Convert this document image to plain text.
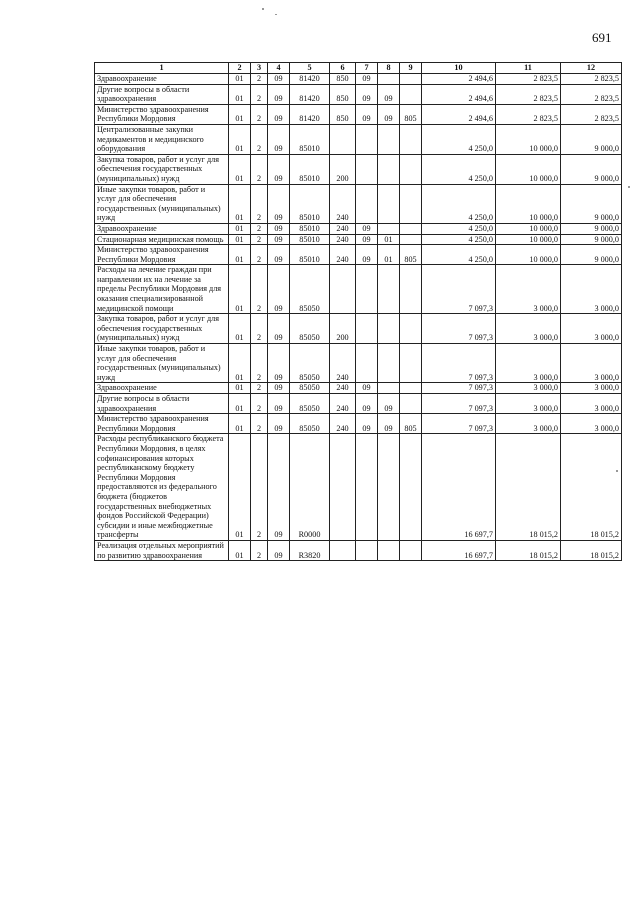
691
1	2	3	4	5	6	7	8	9	10	11	12
Здравоохранение	01	2	09	81420	850	09			2 494,6	2 823,5	2 823,5
Другие вопросы в области здравоохранения	01	2	09	81420	850	09	09		2 494,6	2 823,5	2 823,5
Министерство здравоохранения Республики Мордовия	01	2	09	81420	850	09	09	805	2 494,6	2 823,5	2 823,5
Централизованные закупки медикаментов и медицинского оборудования	01	2	09	85010					4 250,0	10 000,0	9 000,0
Закупка товаров, работ и услуг для обеспечения государственных (муниципальных) нужд	01	2	09	85010	200				4 250,0	10 000,0	9 000,0
Иные закупки товаров, работ и услуг для обеспечения государственных (муниципальных) нужд	01	2	09	85010	240				4 250,0	10 000,0	9 000,0
Здравоохранение	01	2	09	85010	240	09			4 250,0	10 000,0	9 000,0
Стационарная медицинская помощь	01	2	09	85010	240	09	01		4 250,0	10 000,0	9 000,0
Министерство здравоохранения Республики Мордовия	01	2	09	85010	240	09	01	805	4 250,0	10 000,0	9 000,0
Расходы на лечение граждан при направлении их на лечение за пределы Республики Мордовия для оказания специализированной медицинской помощи	01	2	09	85050					7 097,3	3 000,0	3 000,0
Закупка товаров, работ и услуг для обеспечения государственных (муниципальных) нужд	01	2	09	85050	200				7 097,3	3 000,0	3 000,0
Иные закупки товаров, работ и услуг для обеспечения государственных (муниципальных) нужд	01	2	09	85050	240				7 097,3	3 000,0	3 000,0
Здравоохранение	01	2	09	85050	240	09			7 097,3	3 000,0	3 000,0
Другие вопросы в области здравоохранения	01	2	09	85050	240	09	09		7 097,3	3 000,0	3 000,0
Министерство здравоохранения Республики Мордовия	01	2	09	85050	240	09	09	805	7 097,3	3 000,0	3 000,0
Расходы республиканского бюджета Республики Мордовия, в целях софинансирования которых республиканскому бюджету Республики Мордовия предоставляются из федерального бюджета (бюджетов государственных внебюджетных фондов Российской Федерации) субсидии и иные межбюджетные трансферты	01	2	09	R0000					16 697,7	18 015,2	18 015,2
Реализация отдельных мероприятий по развитию здравоохранения	01	2	09	R3820					16 697,7	18 015,2	18 015,2
